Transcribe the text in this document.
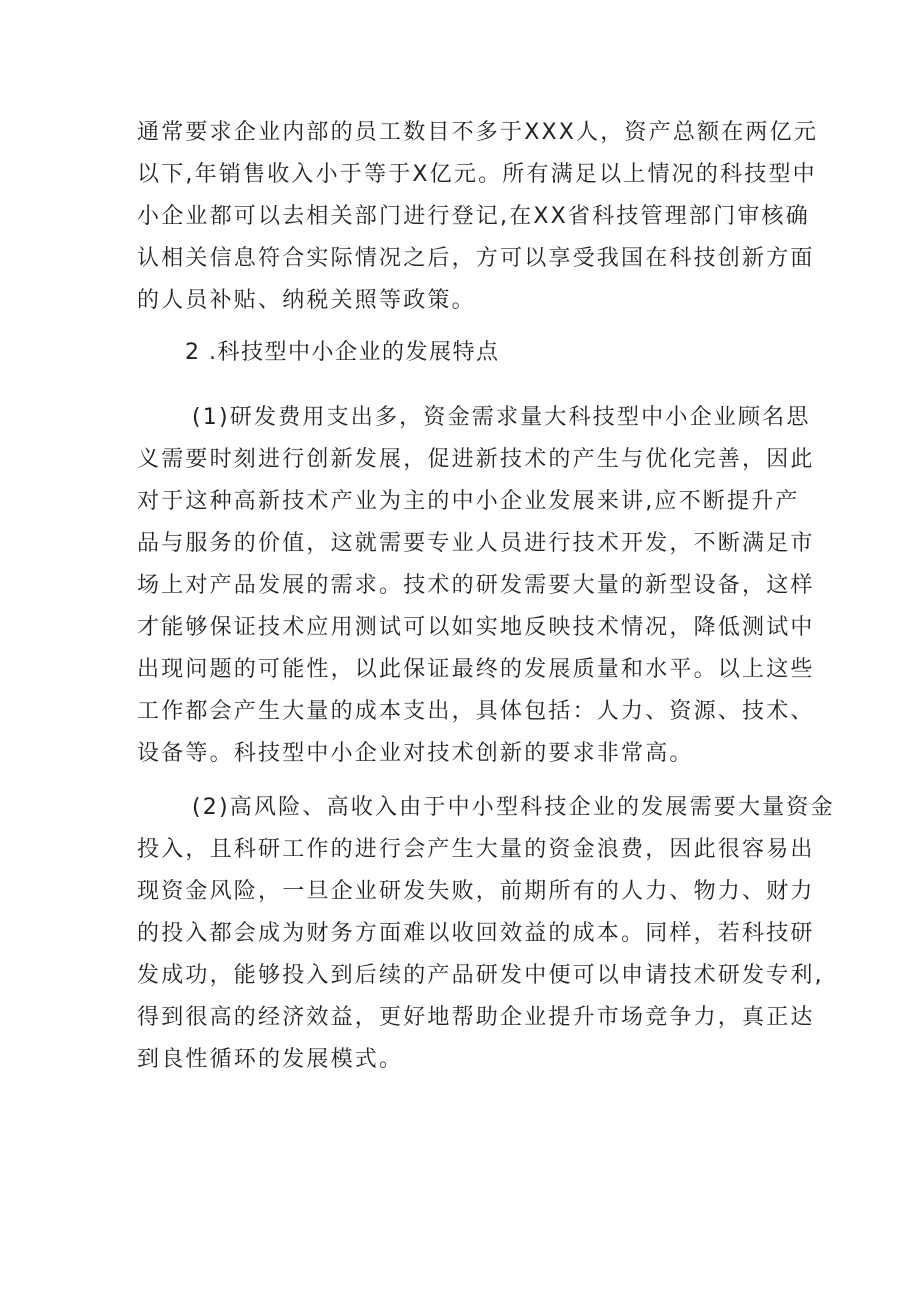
通常要求企业内部的员工数目不多于XXX人，资产总额在两亿元
以下,年销售收入小于等于X亿元。所有满足以上情况的科技型中
小企业都可以去相关部门进行登记,在XX省科技管理部门审核确
认相关信息符合实际情况之后，方可以享受我国在科技创新方面
的人员补贴、纳税关照等政策。
2 .科技型中小企业的发展特点
(1)研发费用支出多，资金需求量大科技型中小企业顾名思
义需要时刻进行创新发展，促进新技术的产生与优化完善，因此
对于这种高新技术产业为主的中小企业发展来讲,应不断提升产
品与服务的价值，这就需要专业人员进行技术开发，不断满足市
场上对产品发展的需求。技术的研发需要大量的新型设备，这样
才能够保证技术应用测试可以如实地反映技术情况，降低测试中
出现问题的可能性，以此保证最终的发展质量和水平。以上这些
工作都会产生大量的成本支出，具体包括：人力、资源、技术、
设备等。科技型中小企业对技术创新的要求非常高。
(2)高风险、高收入由于中小型科技企业的发展需要大量资金
投入，且科研工作的进行会产生大量的资金浪费，因此很容易出
现资金风险，一旦企业研发失败，前期所有的人力、物力、财力
的投入都会成为财务方面难以收回效益的成本。同样，若科技研
发成功，能够投入到后续的产品研发中便可以申请技术研发专利,
得到很高的经济效益，更好地帮助企业提升市场竞争力，真正达
到良性循环的发展模式。
